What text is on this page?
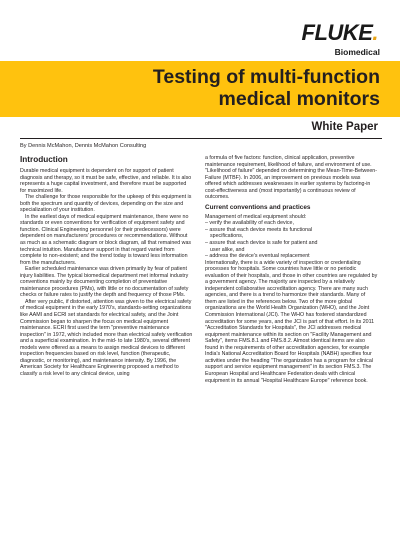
FLUKE.
Biomedical
Testing of multi-function
medical monitors
White Paper
By Dennis McMahon, Dennis McMahon Consulting
Introduction

Durable medical equipment is dependent on for support of patient diagnosis and therapy, so it must be safe, effective, and reliable. It is also represents a huge capital investment, and therefore must be supported for maximized life.

The challenge for those responsible for the upkeep of this equipment is both the spectrum and quantity of devices, depending on the size and specialization of your institution.

In the earliest days of medical equipment maintenance, there were no standards or even conventions for verification of equipment safety and function. Clinical Engineering personnel (or their predecessors) were dependent on manufacturers' procedures or recommendations. Without as much as a schematic diagram or block diagram, all that remained was technical intuition. Manufacturer support in that regard varied from complete to non-existent; and the trend today is toward less information from the manufacturers.

Earlier scheduled maintenance was driven primarily by fear of patient injury liabilities. The typical biomedical department met informal industry conventions mainly by documenting completion of preventative maintenance procedures (PMs), with little or no documentation of safety checks or failure rates to justify the depth and frequency of those PMs.

After very public, if distorted, attention was given to the electrical safety of medical equipment in the early 1970's, standards-setting organizations like AAMI and ECRI set standards for electrical safety, and the Joint Commission began to sharpen the focus on medical equipment maintenance. ECRI first used the term "preventive maintenance inspection" in 1972, which included more than electrical safety verification and a superficial examination. In the mid- to late 1980's, several different models were offered as a means to assign medical devices to different inspection frequencies based on risk level, function (therapeutic, diagnostic, or monitoring), and maintenance intensity. By 1996, the American Society for Healthcare Engineering proposed a method to classify a risk level to any clinical device, using

a formula of five factors: function, clinical application, preventive maintenance requirement, likelihood of failure, and environment of use. "Likelihood of failure" depended on determining the Mean-Time-Between-Failure (MTBF). In 2006, an improvement on previous models was offered which addresses weaknesses in earlier systems by factoring-in cost-effectiveness and (most importantly) a continuous review of outcomes.

Current conventions and practices

Management of medical equipment should:

– verify the availability of each device,
– assure that each device meets its functional
specifications,
– assure that each device is safe for patient and
user alike, and
– address the device's eventual replacement

Internationally, there is a wide variety of inspection or credentialing processes for hospitals. Some countries have little or no periodic evaluation of their hospitals, and those in other countries are regulated by a government agency. The majority are inspected by a relatively independent collaborative accreditation agency. There are many such agencies, and there is a trend to harmonize their standards. Many of them are listed in the references below. Two of the more global organizations are the World Health Organization (WHO), and the Joint Commission International (JCI). The WHO has fostered standardized accreditation for some years, and the JCI is part of that effort. In its 2011 "Accreditation Standards for Hospitals", the JCI addresses medical equipment maintenance within its section on "Facility Management and Safety", items FMS.8.1 and FMS.8.2. Almost identical items are also found in the requirements of other accreditation agencies, for example India's National Accreditation Board for Hospitals (NABH) specifies four activities under the heading "The organization has a program for clinical support and service equipment management" in its section FMS.3. The European Hospital and Healthcare Federation deals with clinical equipment in its annual "Hospital Healthcare Europe" reference book.
